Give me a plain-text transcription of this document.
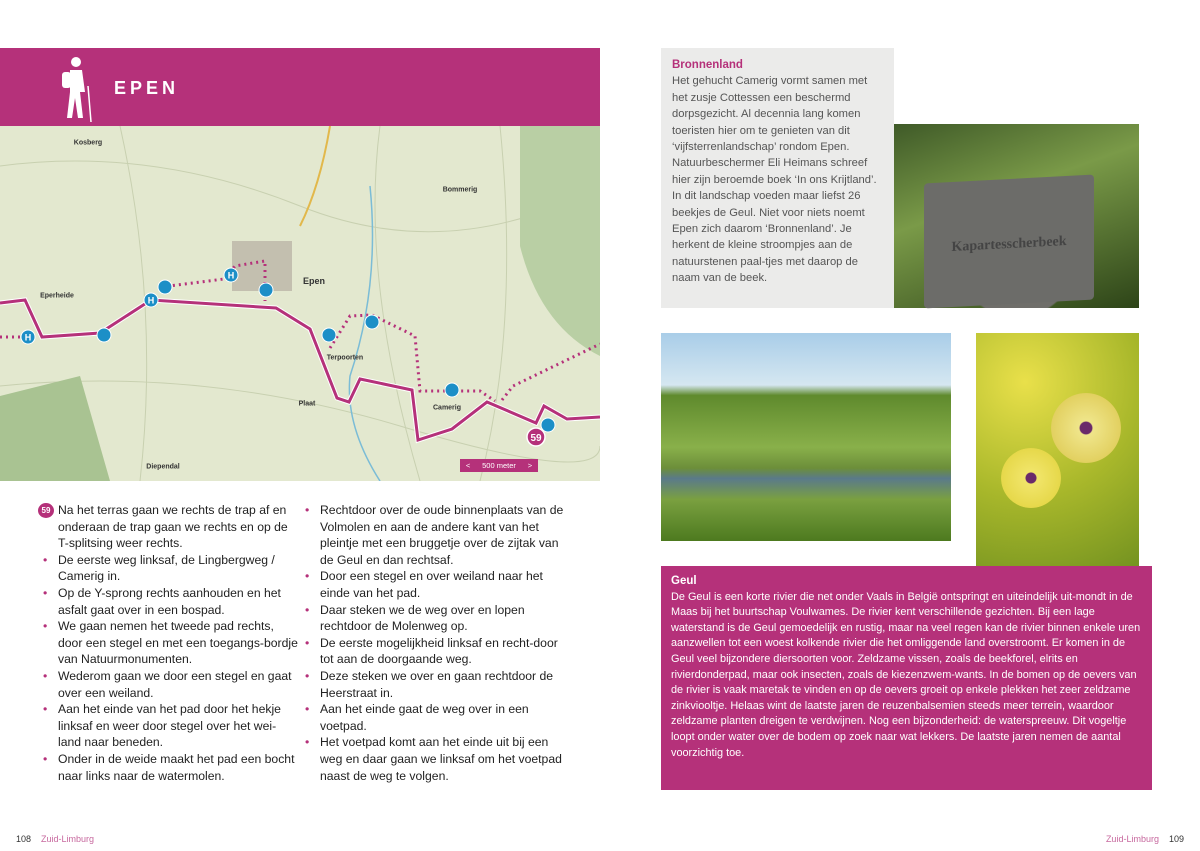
EPEN
H
H
H
59
Kosberg
Bommerig
Eperheide
Epen
Terpoorten
Plaat
Camerig
Diependal	< 500 meter >
59 Na het terras gaan we rechts de trap af en onderaan de trap gaan we rechts en op de T-splitsing weer rechts.
• De eerste weg linksaf, de Lingbergweg / Camerig in.
• Op de Y-sprong rechts aanhouden en het asfalt gaat over in een bospad.
• We gaan nemen het tweede pad rechts, door een stegel en met een toegangs-bordje van Natuurmonumenten.
• Wederom gaan we door een stegel en gaat over een weiland.
• Aan het einde van het pad door het hekje linksaf en weer door stegel over het wei-land naar beneden.
• Onder in de weide maakt het pad een bocht naar links naar de watermolen.
• Rechtdoor over de oude binnenplaats van de Volmolen en aan de andere kant van het pleintje met een bruggetje over de zijtak van de Geul en dan rechtsaf.
• Door een stegel en over weiland naar het einde van het pad.
• Daar steken we de weg over en lopen rechtdoor de Molenweg op.
• De eerste mogelijkheid linksaf en recht-door tot aan de doorgaande weg.
• Deze steken we over en gaan rechtdoor de Heerstraat in.
• Aan het einde gaat de weg over in een voetpad.
• Het voetpad komt aan het einde uit bij een weg en daar gaan we linksaf om het voetpad naast de weg te volgen.
108 Zuid-Limburg	Zuid-Limburg 109
Bronnenland

Het gehucht Camerig vormt samen met het zusje Cottessen een beschermd dorpsgezicht. Al decennia lang komen toeristen hier om te genieten van dit ‘vijfsterrenlandschap’ rondom Epen. Natuurbeschermer Eli Heimans schreef hier zijn beroemde boek ‘In ons Krijtland’. In dit landschap voeden maar liefst 26 beekjes de Geul. Niet voor niets noemt Epen zich daarom ‘Bronnenland’. Je herkent de kleine stroompjes aan de natuurstenen paal-tjes met daarop de naam van de beek.

Kapartesscherbeek
Geul

De Geul is een korte rivier die net onder Vaals in België ontspringt en uiteindelijk uit-mondt in de Maas bij het buurtschap Voulwames. De rivier kent verschillende gezichten. Bij een lage waterstand is de Geul gemoedelijk en rustig, maar na veel regen kan de rivier binnen enkele uren aanzwellen tot een woest kolkende rivier die het omliggende land overstroomt. Er komen in de Geul veel bijzondere diersoorten voor. Zeldzame vissen, zoals de beekforel, elrits en rivierdonderpad, maar ook insecten, zoals de kiezenzwem-wants. In de bomen op de oevers van de rivier is vaak maretak te vinden en op de oevers groeit op enkele plekken het zeer zeldzame zinkviooltje. Helaas wint de laatste jaren de reuzenbalsemien steeds meer terrein, waardoor zeldzame planten dreigen te verdwijnen. Nog een bijzonderheid: de waterspreeuw. Dit vogeltje loopt onder water over de bodem op zoek naar wat lekkers. De laatste jaren nemen de aantal voorzichtig toe.
